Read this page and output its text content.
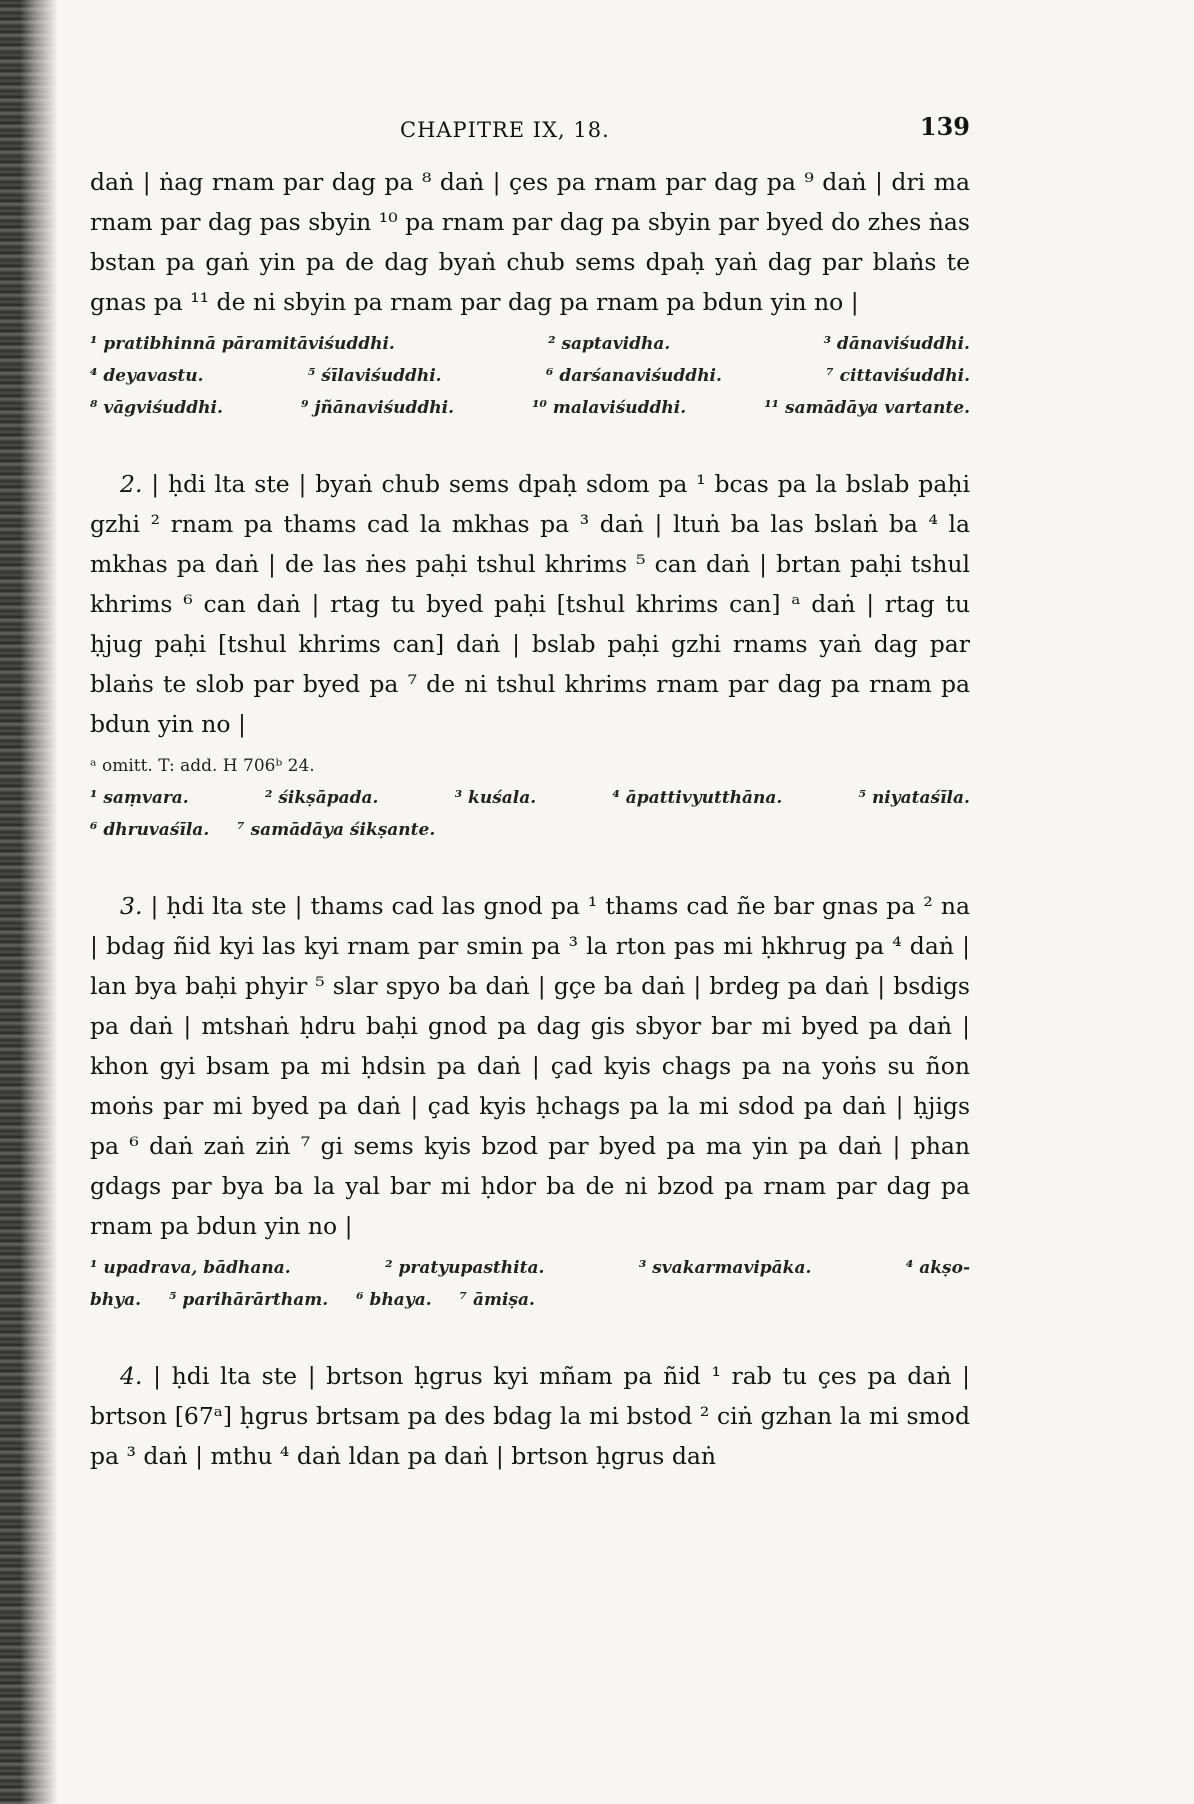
CHAPITRE IX, 18.	139

daṅ | ṅag rnam par dag pa ⁸ daṅ | çes pa rnam par dag pa ⁹ daṅ | dri ma rnam par dag pas sbyin ¹⁰ pa rnam par dag pa sbyin par byed do zhes ṅas bstan pa gaṅ yin pa de dag byaṅ chub sems dpaḥ yaṅ dag par blaṅs te gnas pa ¹¹ de ni sbyin pa rnam par dag pa rnam pa bdun yin no |

¹ pratibhinnā pāramitāviśuddhi.	² saptavidha.	³ dānaviśuddhi.
⁴ deyavastu.	⁵ śīlaviśuddhi.	⁶ darśanaviśuddhi.	⁷ cittaviśuddhi.
⁸ vāgviśuddhi.	⁹ jñānaviśuddhi.	¹⁰ malaviśuddhi.	¹¹ samādāya vartante.

2. | ḥdi lta ste | byaṅ chub sems dpaḥ sdom pa ¹ bcas pa la bslab paḥi gzhi ² rnam pa thams cad la mkhas pa ³ daṅ | ltuṅ ba las bslaṅ ba ⁴ la mkhas pa daṅ | de las ṅes paḥi tshul khrims ⁵ can daṅ | brtan paḥi tshul khrims ⁶ can daṅ | rtag tu byed paḥi [tshul khrims can] ᵃ daṅ | rtag tu ḥjug paḥi [tshul khrims can] daṅ | bslab paḥi gzhi rnams yaṅ dag par blaṅs te slob par byed pa ⁷ de ni tshul khrims rnam par dag pa rnam pa bdun yin no |

ᵃ omitt. T: add. H 706ᵇ 24.
¹ saṃvara.	² śikṣāpada.	³ kuśala.	⁴ āpattivyutthāna.	⁵ niyataśīla.
⁶ dhruvaśīla. ⁷ samādāya śikṣante.

3. | ḥdi lta ste | thams cad las gnod pa ¹ thams cad ñe bar gnas pa ² na | bdag ñid kyi las kyi rnam par smin pa ³ la rton pas mi ḥkhrug pa ⁴ daṅ | lan bya baḥi phyir ⁵ slar spyo ba daṅ | gçe ba daṅ | brdeg pa daṅ | bsdigs pa daṅ | mtshaṅ ḥdru baḥi gnod pa dag gis sbyor bar mi byed pa daṅ | khon gyi bsam pa mi ḥdsin pa daṅ | çad kyis chags pa na yoṅs su ñon moṅs par mi byed pa daṅ | çad kyis ḥchags pa la mi sdod pa daṅ | ḥjigs pa ⁶ daṅ zaṅ ziṅ ⁷ gi sems kyis bzod par byed pa ma yin pa daṅ | phan gdags par bya ba la yal bar mi ḥdor ba de ni bzod pa rnam par dag pa rnam pa bdun yin no |

¹ upadrava, bādhana.	² pratyupasthita.	³ svakarmavipāka.	⁴ akṣo-
bhya. ⁵ parihārārtham. ⁶ bhaya. ⁷ āmiṣa.

4. | ḥdi lta ste | brtson ḥgrus kyi mñam pa ñid ¹ rab tu çes pa daṅ | brtson [67ᵃ] ḥgrus brtsam pa des bdag la mi bstod ² ciṅ gzhan la mi smod pa ³ daṅ | mthu ⁴ daṅ ldan pa daṅ | brtson ḥgrus daṅ
